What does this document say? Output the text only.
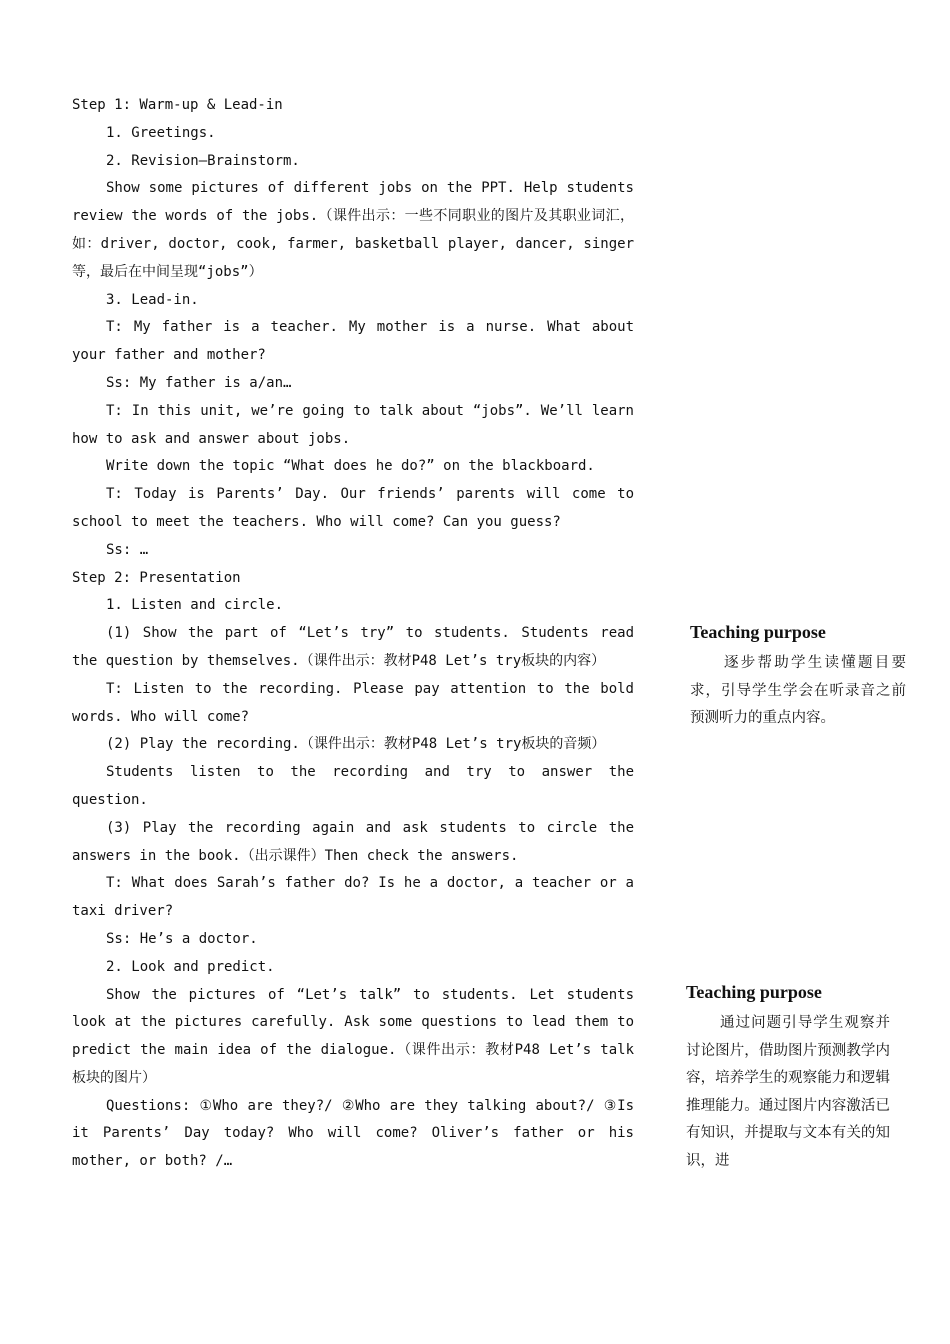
Step 1: Warm-up & Lead-in

1. Greetings.

2. Revision—Brainstorm.

Show some pictures of different jobs on the PPT. Help students review the words of the jobs.（课件出示：一些不同职业的图片及其职业词汇，如：driver, doctor, cook, farmer, basketball player, dancer, singer 等，最后在中间呈现“jobs”）

3. Lead-in.

T: My father is a teacher. My mother is a nurse. What about your father and mother?

Ss: My father is a/an…

T: In this unit, we’re going to talk about “jobs”. We’ll learn how to ask and answer about jobs.

Write down the topic “What does he do?” on the blackboard.

T: Today is Parents’ Day. Our friends’ parents will come to school to meet the teachers. Who will come? Can you guess?

Ss: …

Step 2: Presentation

1. Listen and circle.

(1) Show the part of “Let’s try” to students. Students read the question by themselves.（课件出示：教材P48 Let’s try板块的内容）

T: Listen to the recording. Please pay attention to the bold words. Who will come?

(2) Play the recording.（课件出示：教材P48 Let’s try板块的音频）

Students listen to the recording and try to answer the question.

(3) Play the recording again and ask students to circle the answers in the book.（出示课件）Then check the answers.

T: What does Sarah’s father do? Is he a doctor, a teacher or a taxi driver?

Ss: He’s a doctor.

2. Look and predict.

Show the pictures of “Let’s talk” to students. Let students look at the pictures carefully. Ask some questions to lead them to predict the main idea of the dialogue.（课件出示：教材P48 Let’s talk板块的图片）

Questions: ①Who are they?/ ②Who are they talking about?/ ③Is it Parents’ Day today? Who will come? Oliver’s father or his mother, or both? /…

Teaching purpose

逐步帮助学生读懂题目要求，引导学生学会在听录音之前预测听力的重点内容。

Teaching purpose

通过问题引导学生观察并讨论图片，借助图片预测教学内容，培养学生的观察能力和逻辑推理能力。通过图片内容激活已有知识，并提取与文本有关的知识，进
